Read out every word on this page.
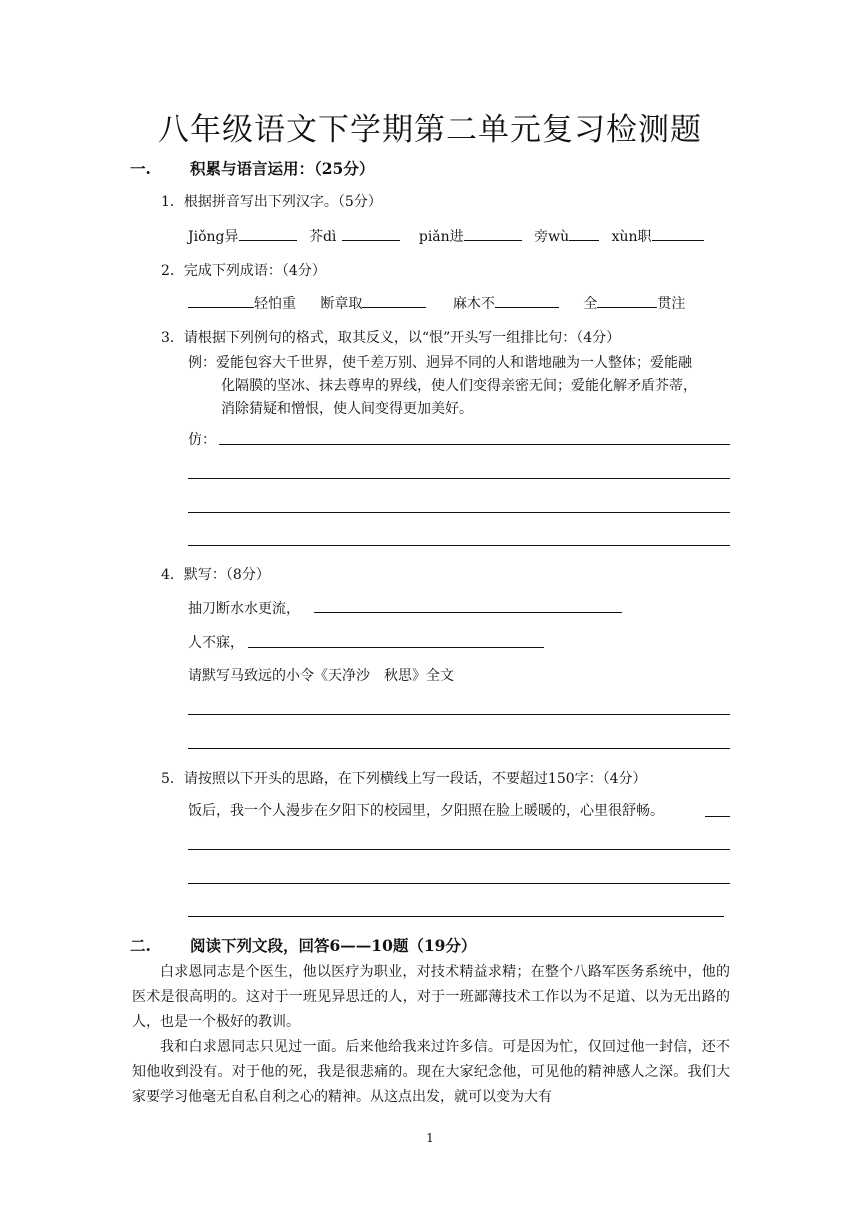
八年级语文下学期第二单元复习检测题
一.	积累与语言运用：（25分）
1．根据拼音写出下列汉字。（5分）
Jiǒng异	芥dì	piǎn进	旁wù	xùn职
2．完成下列成语：（4分）
轻怕重 断章取	麻木不	全	贯注
3．请根据下列例句的格式，取其反义，以“恨”开头写一组排比句：（4分）
例：爱能包容大千世界，使千差万别、迥异不同的人和谐地融为一人整体；爱能融
化隔膜的坚冰、抹去尊卑的界线，使人们变得亲密无间；爱能化解矛盾芥蒂，
消除猜疑和憎恨，使人间变得更加美好。
仿：
4．默写：（8分）
抽刀断水水更流，
人不寐，
请默写马致远的小令《天净沙　秋思》全文
5．请按照以下开头的思路，在下列横线上写一段话，不要超过150字：（4分）
饭后，我一个人漫步在夕阳下的校园里，夕阳照在脸上暖暖的，心里很舒畅。
二.	阅读下列文段，回答6——10题（19分）

白求恩同志是个医生，他以医疗为职业，对技术精益求精；在整个八路军医务系统中，他的医术是很高明的。这对于一班见异思迁的人，对于一班鄙薄技术工作以为不足道、以为无出路的人，也是一个极好的教训。

我和白求恩同志只见过一面。后来他给我来过许多信。可是因为忙，仅回过他一封信，还不知他收到没有。对于他的死，我是很悲痛的。现在大家纪念他，可见他的精神感人之深。我们大家要学习他毫无自私自利之心的精神。从这点出发，就可以变为大有

1
